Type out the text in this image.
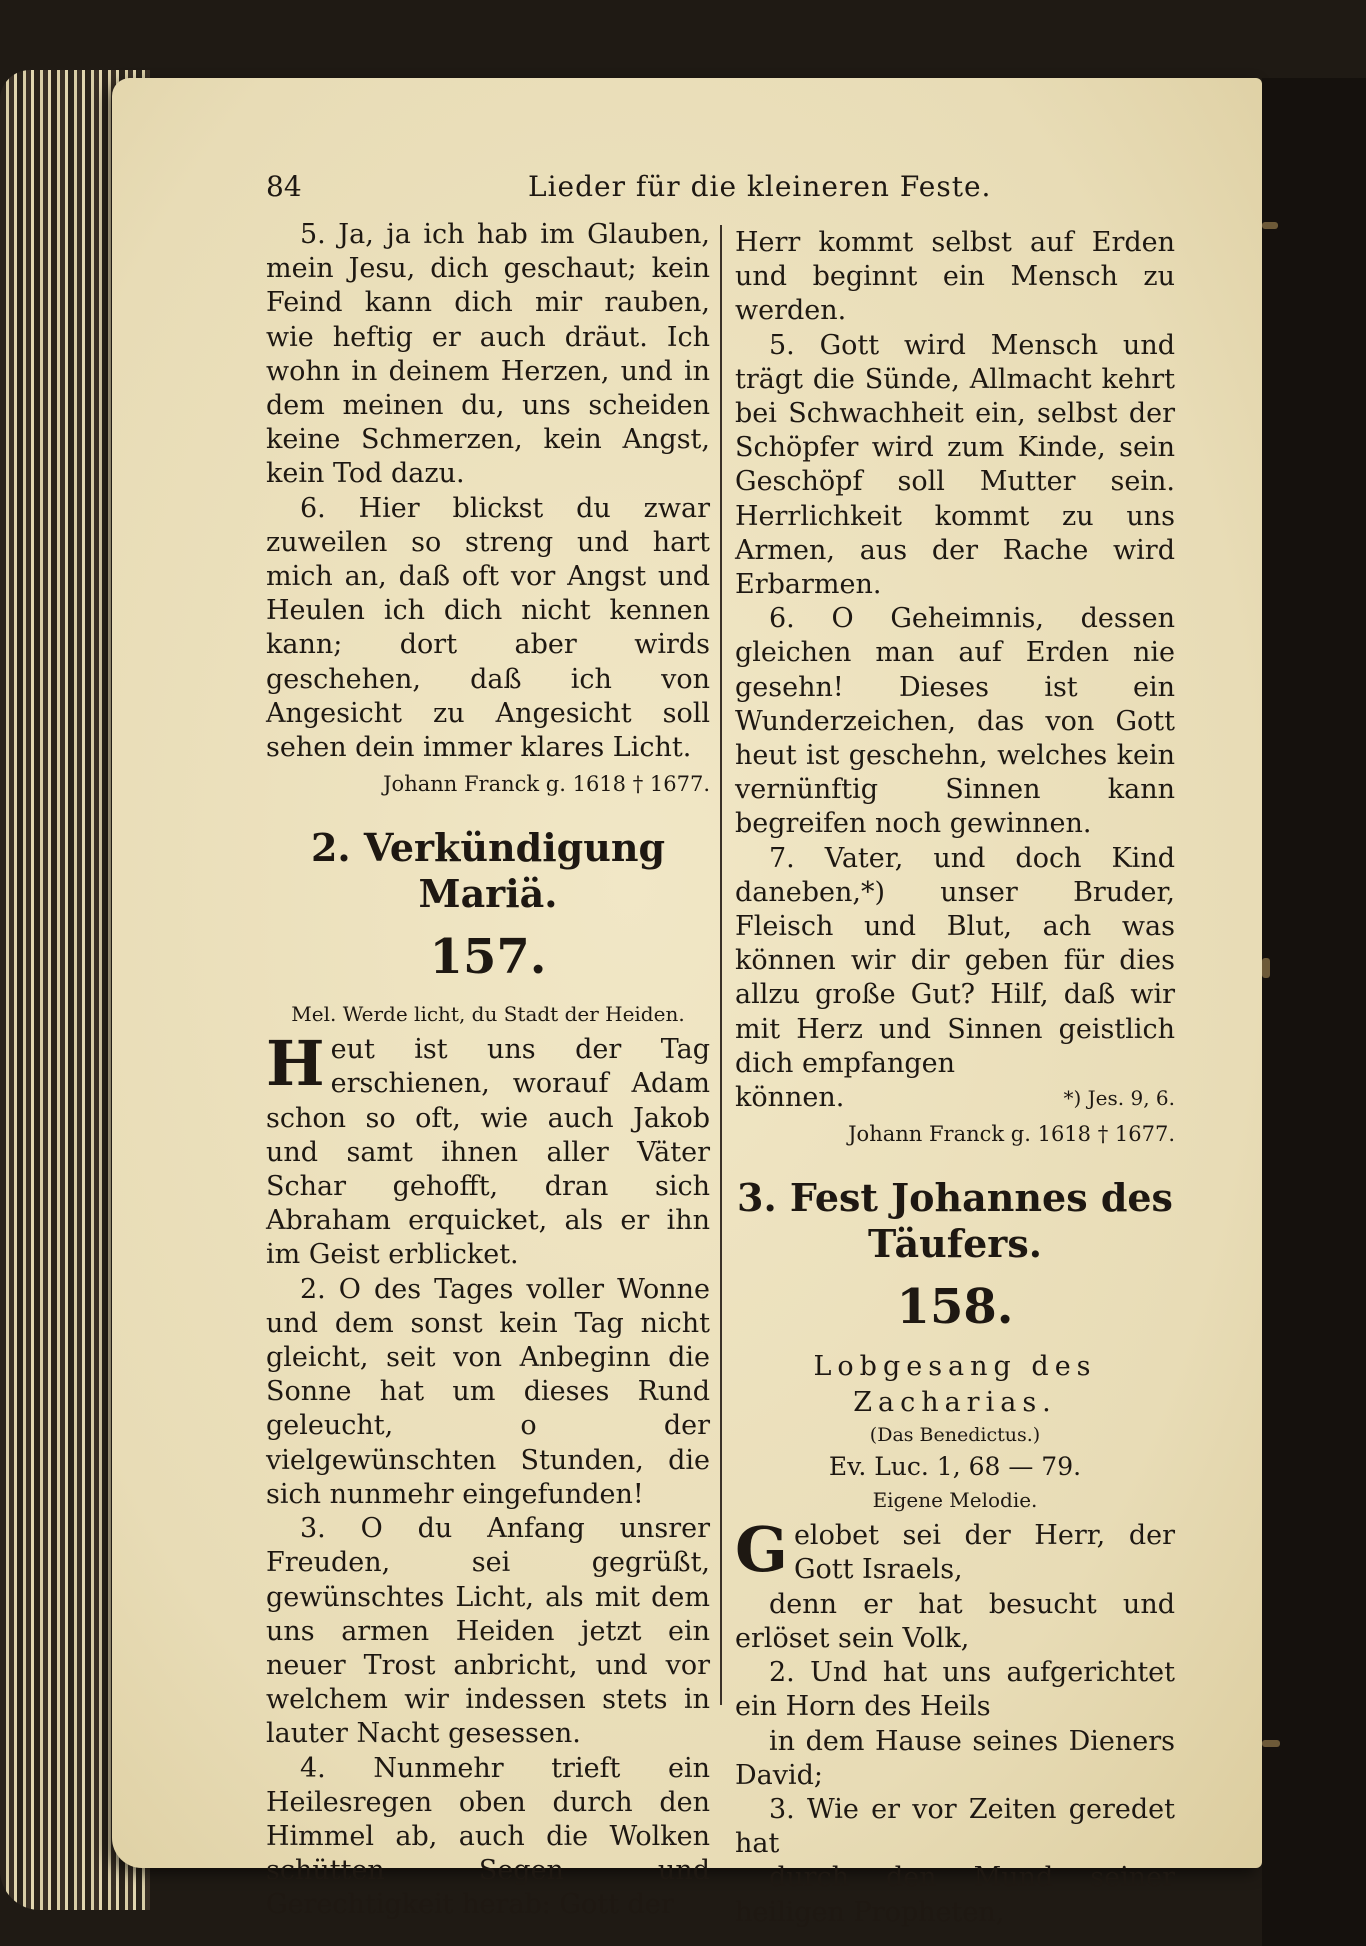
84	Lieder für die kleineren Feste.

5. Ja, ja ich hab im Glauben, mein Jesu, dich geschaut; kein Feind kann dich mir rauben, wie heftig er auch dräut. Ich wohn in deinem Herzen, und in dem meinen du, uns scheiden keine Schmerzen, kein Angst, kein Tod dazu.

6. Hier blickst du zwar zuweilen so streng und hart mich an, daß oft vor Angst und Heulen ich dich nicht kennen kann; dort aber wirds geschehen, daß ich von Angesicht zu Angesicht soll sehen dein immer klares Licht.

Johann Franck g. 1618 † 1677.
2. Verkündigung Mariä.
157.
Mel. Werde licht, du Stadt der Heiden.

Heut ist uns der Tag erschienen, worauf Adam schon so oft, wie auch Jakob und samt ihnen aller Väter Schar gehofft, dran sich Abraham erquicket, als er ihn im Geist erblicket.

2. O des Tages voller Wonne und dem sonst kein Tag nicht gleicht, seit von Anbeginn die Sonne hat um dieses Rund geleucht, o der vielgewünschten Stunden, die sich nunmehr eingefunden!

3. O du Anfang unsrer Freuden, sei gegrüßt, gewünschtes Licht, als mit dem uns armen Heiden jetzt ein neuer Trost anbricht, und vor welchem wir indessen stets in lauter Nacht gesessen.

4. Nunmehr trieft ein Heilesregen oben durch den Himmel ab, auch die Wolken schütten Segen und Gerechtigkeit herab: Gott der

Herr kommt selbst auf Erden und beginnt ein Mensch zu werden.

5. Gott wird Mensch und trägt die Sünde, Allmacht kehrt bei Schwachheit ein, selbst der Schöpfer wird zum Kinde, sein Geschöpf soll Mutter sein. Herrlichkeit kommt zu uns Armen, aus der Rache wird Erbarmen.

6. O Geheimnis, dessen gleichen man auf Erden nie gesehn! Dieses ist ein Wunderzeichen, das von Gott heut ist geschehn, welches kein vernünftig Sinnen kann begreifen noch gewinnen.

7. Vater, und doch Kind daneben,*) unser Bruder, Fleisch und Blut, ach was können wir dir geben für dies allzu große Gut? Hilf, daß wir mit Herz und Sinnen geistlich dich empfangen

können.	*) Jes. 9, 6.
Johann Franck g. 1618 † 1677.
3. Fest Johannes des Täufers.
158.
Lobgesang des Zacharias.
(Das Benedictus.)
Ev. Luc. 1, 68 — 79.
Eigene Melodie.

Gelobet sei der Herr, der Gott Israels,

denn er hat besucht und erlöset sein Volk,

2. Und hat uns aufgerichtet ein Horn des Heils

in dem Hause seines Dieners David;

3. Wie er vor Zeiten geredet hat

durch den Mund seiner heiligen Propheten,
